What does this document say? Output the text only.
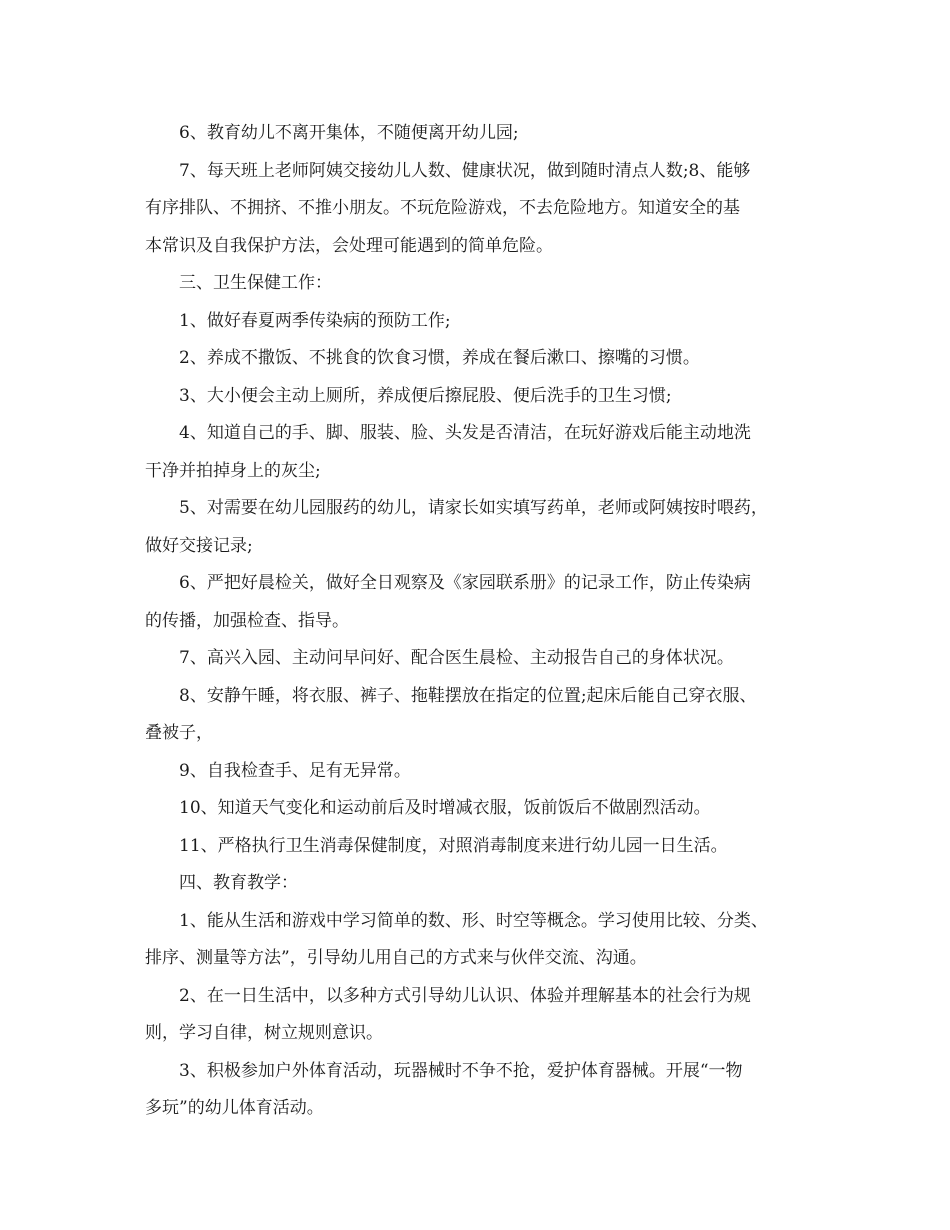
6、教育幼儿不离开集体，不随便离开幼儿园;
7、每天班上老师阿姨交接幼儿人数、健康状况，做到随时清点人数;8、能够
有序排队、不拥挤、不推小朋友。不玩危险游戏，不去危险地方。知道安全的基
本常识及自我保护方法，会处理可能遇到的简单危险。
三、卫生保健工作：
1、做好春夏两季传染病的预防工作;
2、养成不撒饭、不挑食的饮食习惯，养成在餐后漱口、擦嘴的习惯。
3、大小便会主动上厕所，养成便后擦屁股、便后洗手的卫生习惯;
4、知道自己的手、脚、服装、脸、头发是否清洁，在玩好游戏后能主动地洗
干净并拍掉身上的灰尘;
5、对需要在幼儿园服药的幼儿，请家长如实填写药单，老师或阿姨按时喂药，
做好交接记录;
6、严把好晨检关，做好全日观察及《家园联系册》的记录工作，防止传染病
的传播，加强检查、指导。
7、高兴入园、主动问早问好、配合医生晨检、主动报告自己的身体状况。
8、安静午睡，将衣服、裤子、拖鞋摆放在指定的位置;起床后能自己穿衣服、
叠被子，
9、自我检查手、足有无异常。
10、知道天气变化和运动前后及时增减衣服，饭前饭后不做剧烈活动。
11、严格执行卫生消毒保健制度，对照消毒制度来进行幼儿园一日生活。
四、教育教学：
1、能从生活和游戏中学习简单的数、形、时空等概念。学习使用比较、分类、
排序、测量等方法”，引导幼儿用自己的方式来与伙伴交流、沟通。
2、在一日生活中，以多种方式引导幼儿认识、体验并理解基本的社会行为规
则，学习自律，树立规则意识。
3、积极参加户外体育活动，玩器械时不争不抢，爱护体育器械。开展“一物
多玩”的幼儿体育活动。
